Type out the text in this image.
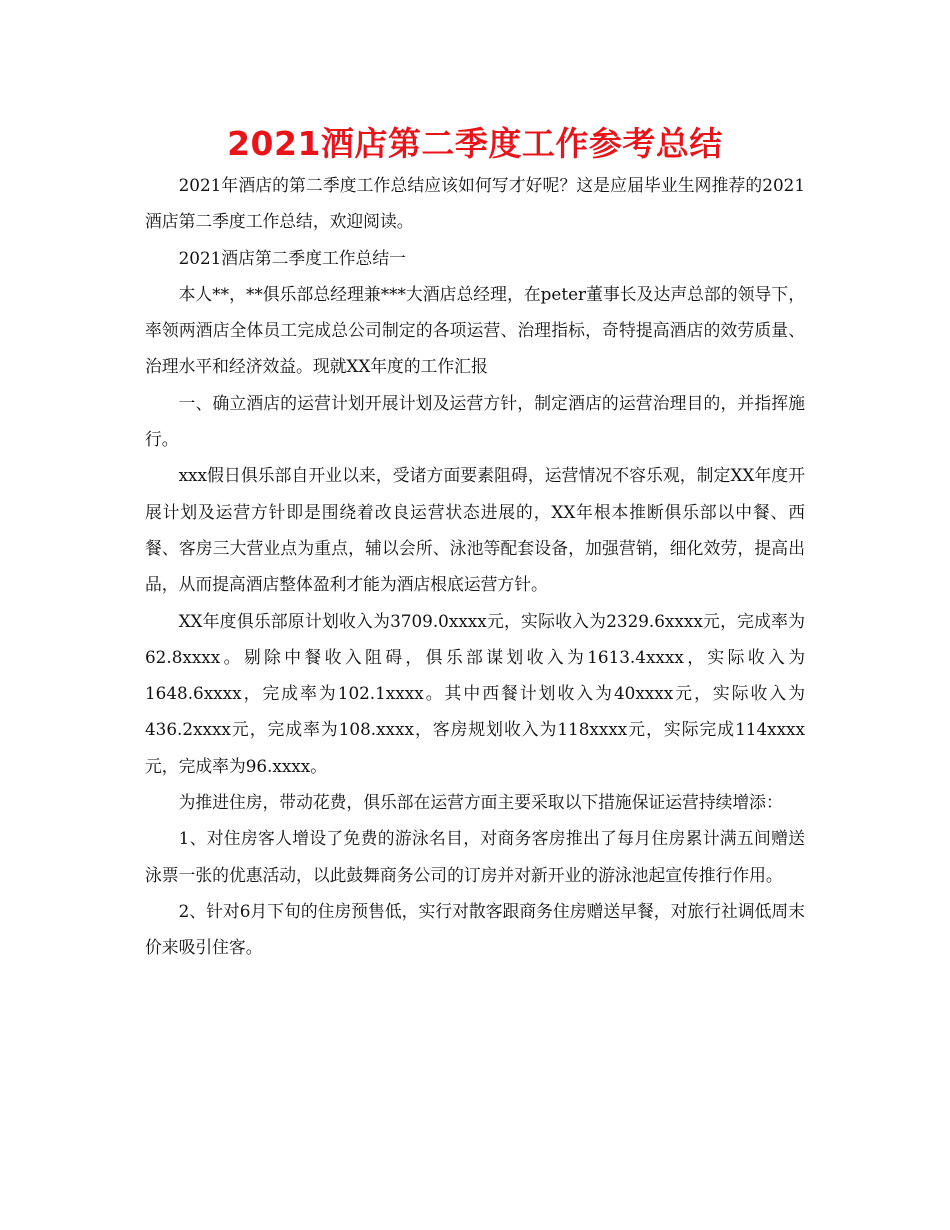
2021酒店第二季度工作参考总结

2021年酒店的第二季度工作总结应该如何写才好呢？这是应届毕业生网推荐的2021酒店第二季度工作总结，欢迎阅读。

2021酒店第二季度工作总结一

本人**，**俱乐部总经理兼***大酒店总经理，在peter董事长及达声总部的领导下，率领两酒店全体员工完成总公司制定的各项运营、治理指标，奇特提高酒店的效劳质量、治理水平和经济效益。现就XX年度的工作汇报

一、确立酒店的运营计划开展计划及运营方针，制定酒店的运营治理目的，并指挥施行。

xxx假日俱乐部自开业以来，受诸方面要素阻碍，运营情况不容乐观，制定XX年度开展计划及运营方针即是围绕着改良运营状态进展的，XX年根本推断俱乐部以中餐、西餐、客房三大营业点为重点，辅以会所、泳池等配套设备，加强营销，细化效劳，提高出品，从而提高酒店整体盈利才能为酒店根底运营方针。

XX年度俱乐部原计划收入为3709.0xxxx元，实际收入为2329.6xxxx元，完成率为62.8xxxx。剔除中餐收入阻碍，俱乐部谋划收入为1613.4xxxx，实际收入为1648.6xxxx，完成率为102.1xxxx。其中西餐计划收入为40xxxx元，实际收入为436.2xxxx元，完成率为108.xxxx，客房规划收入为118xxxx元，实际完成114xxxx元，完成率为96.xxxx。

为推进住房，带动花费，俱乐部在运营方面主要采取以下措施保证运营持续增添：

1、对住房客人增设了免费的游泳名目，对商务客房推出了每月住房累计满五间赠送泳票一张的优惠活动，以此鼓舞商务公司的订房并对新开业的游泳池起宣传推行作用。

2、针对6月下旬的住房预售低，实行对散客跟商务住房赠送早餐，对旅行社调低周末价来吸引住客。
